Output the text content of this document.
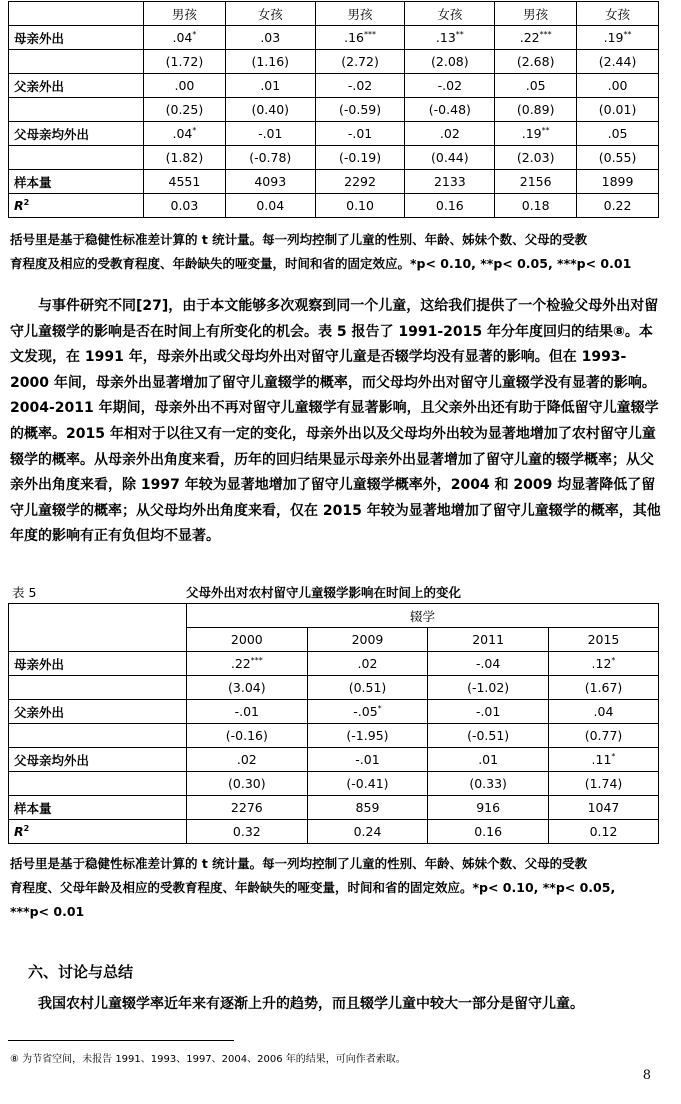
	男孩	女孩	男孩	女孩	男孩	女孩
母亲外出	.04*	.03	.16***	.13**	.22***	.19**
	(1.72)	(1.16)	(2.72)	(2.08)	(2.68)	(2.44)
父亲外出	.00	.01	-.02	-.02	.05	.00
	(0.25)	(0.40)	(-0.59)	(-0.48)	(0.89)	(0.01)
父母亲均外出	.04*	-.01	-.01	.02	.19**	.05
	(1.82)	(-0.78)	(-0.19)	(0.44)	(2.03)	(0.55)
样本量	4551	4093	2292	2133	2156	1899
$R^2$	0.03	0.04	0.10	0.16	0.18	0.22
括号里是基于稳健性标准差计算的 t 统计量。每一列均控制了儿童的性别、年龄、姊妹个数、父母的受教
育程度及相应的受教育程度、年龄缺失的哑变量，时间和省的固定效应。*p< 0.10, **p< 0.05, ***p< 0.01
与事件研究不同[27]，由于本文能够多次观察到同一个儿童，这给我们提供了一个检验父母外出对留守儿童辍学的影响是否在时间上有所变化的机会。表 5 报告了 1991-2015 年分年度回归的结果⑧。本文发现，在 1991 年，母亲外出或父母均外出对留守儿童是否辍学均没有显著的影响。但在 1993-2000 年间，母亲外出显著增加了留守儿童辍学的概率，而父母均外出对留守儿童辍学没有显著的影响。2004-2011 年期间，母亲外出不再对留守儿童辍学有显著影响，且父亲外出还有助于降低留守儿童辍学的概率。2015 年相对于以往又有一定的变化，母亲外出以及父母均外出较为显著地增加了农村留守儿童辍学的概率。从母亲外出角度来看，历年的回归结果显示母亲外出显著增加了留守儿童的辍学概率；从父亲外出角度来看，除 1997 年较为显著地增加了留守儿童辍学概率外，2004 和 2009 均显著降低了留守儿童辍学的概率；从父母均外出角度来看，仅在 2015 年较为显著地增加了留守儿童辍学的概率，其他年度的影响有正有负但均不显著。
表 5	父母外出对农村留守儿童辍学影响在时间上的变化
	辍学			
	2000	2009	2011	2015
母亲外出	.22***	.02	-.04	.12*
	(3.04)	(0.51)	(-1.02)	(1.67)
父亲外出	-.01	-.05*	-.01	.04
	(-0.16)	(-1.95)	(-0.51)	(0.77)
父母亲均外出	.02	-.01	.01	.11*
	(0.30)	(-0.41)	(0.33)	(1.74)
样本量	2276	859	916	1047
$R^2$	0.32	0.24	0.16	0.12
括号里是基于稳健性标准差计算的 t 统计量。每一列均控制了儿童的性别、年龄、姊妹个数、父母的受教
育程度、父母年龄及相应的受教育程度、年龄缺失的哑变量，时间和省的固定效应。*p< 0.10, **p< 0.05,
***p< 0.01
六、讨论与总结
我国农村儿童辍学率近年来有逐渐上升的趋势，而且辍学儿童中较大一部分是留守儿童。
⑧ 为节省空间，未报告 1991、1993、1997、2004、2006 年的结果，可向作者索取。
8
